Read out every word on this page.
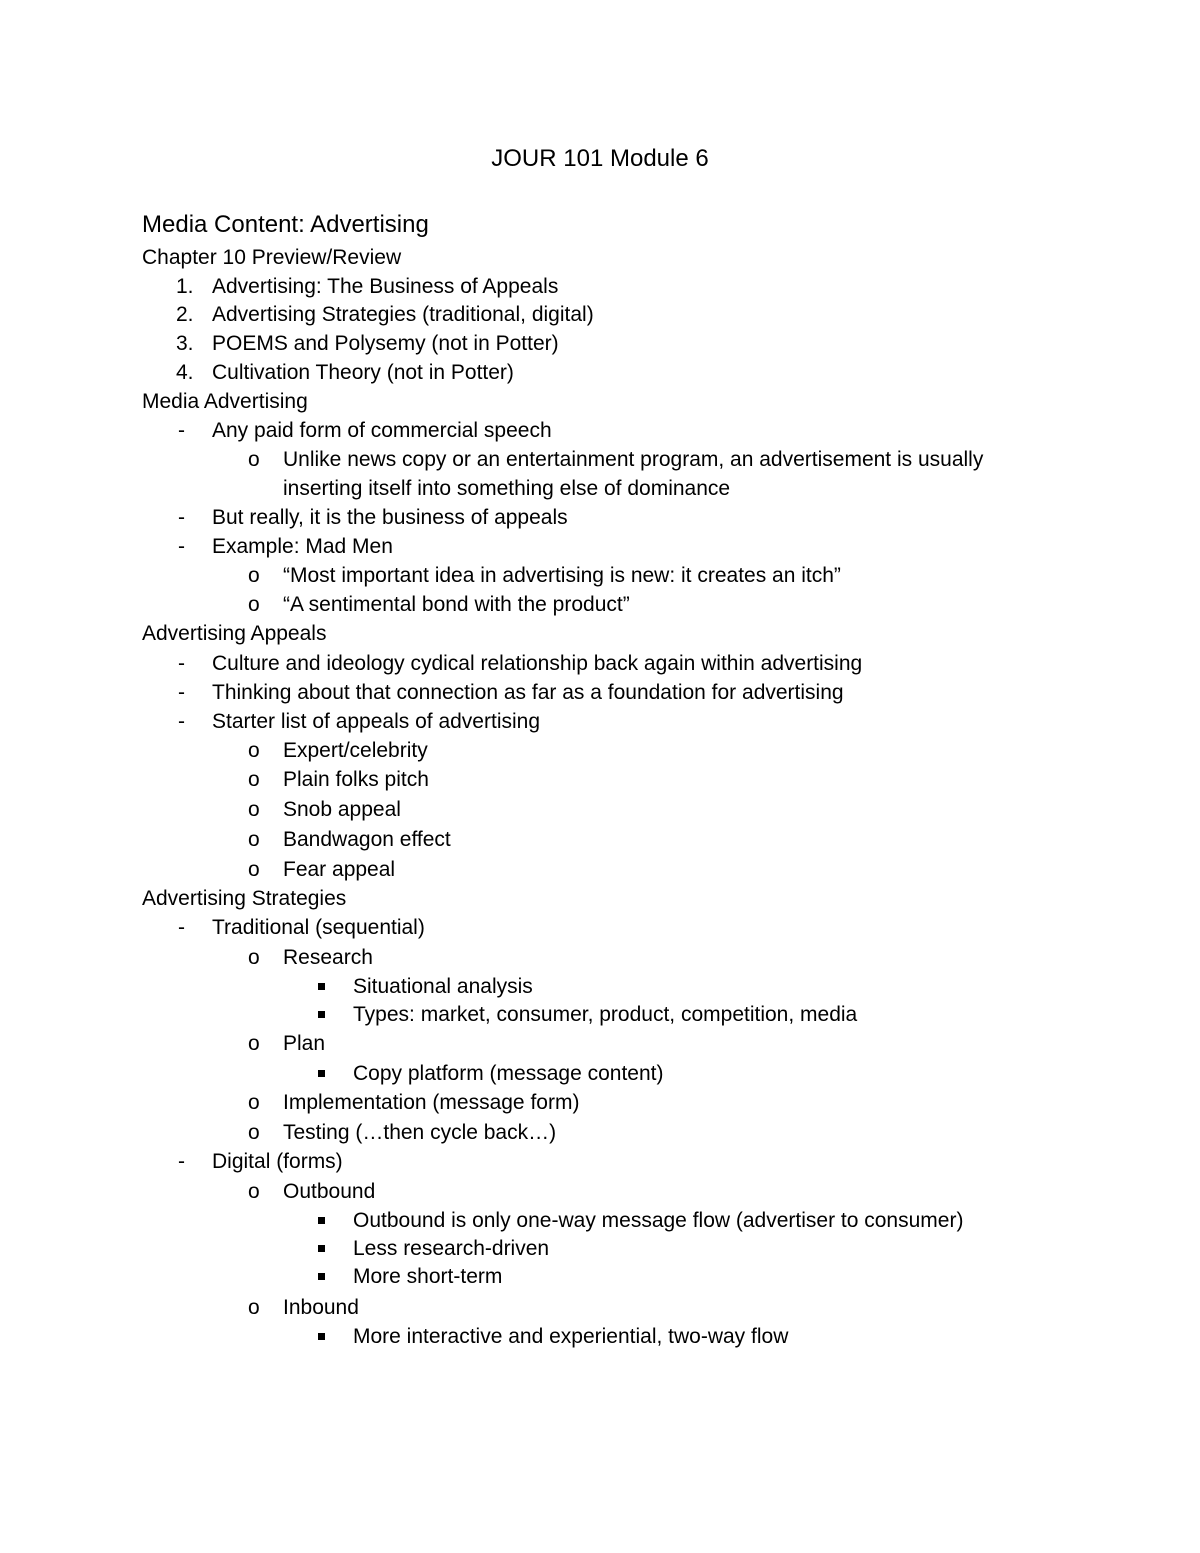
JOUR 101 Module 6
Media Content: Advertising
Chapter 10 Preview/Review
1. Advertising: The Business of Appeals
2. Advertising Strategies (traditional, digital)
3. POEMS and Polysemy (not in Potter)
4. Cultivation Theory (not in Potter)
Media Advertising
- Any paid form of commercial speech
o Unlike news copy or an entertainment program, an advertisement is usually
inserting itself into something else of dominance
- But really, it is the business of appeals
- Example: Mad Men
o “Most important idea in advertising is new: it creates an itch”
o “A sentimental bond with the product”
Advertising Appeals
- Culture and ideology cydical relationship back again within advertising
- Thinking about that connection as far as a foundation for advertising
- Starter list of appeals of advertising
o Expert/celebrity
o Plain folks pitch
o Snob appeal
o Bandwagon effect
o Fear appeal
Advertising Strategies
- Traditional (sequential)
o Research
Situational analysis
Types: market, consumer, product, competition, media
o Plan
Copy platform (message content)
o Implementation (message form)
o Testing (…then cycle back…)
- Digital (forms)
o Outbound
Outbound is only one-way message flow (advertiser to consumer)
Less research-driven
More short-term
o Inbound
More interactive and experiential, two-way flow
